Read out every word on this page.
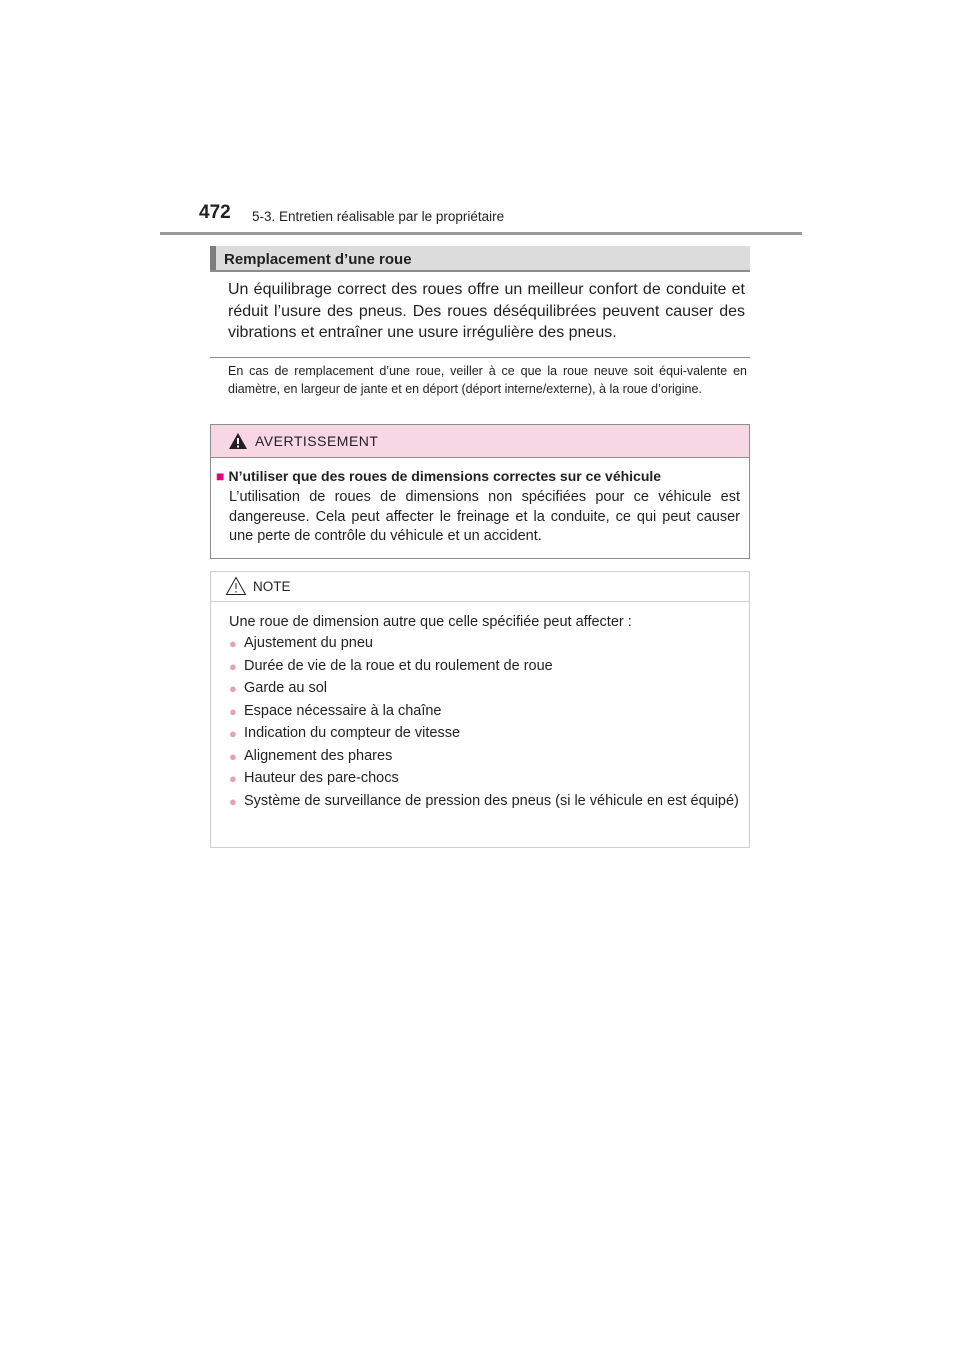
472 5-3. Entretien réalisable par le propriétaire
Remplacement d’une roue
Un équilibrage correct des roues offre un meilleur confort de conduite et réduit l’usure des pneus. Des roues déséquilibrées peuvent causer des vibrations et entraîner une usure irrégulière des pneus.
En cas de remplacement d’une roue, veiller à ce que la roue neuve soit équi-valente en diamètre, en largeur de jante et en déport (déport interne/externe), à la roue d’origine.
AVERTISSEMENT
■ N’utiliser que des roues de dimensions correctes sur ce véhicule
L’utilisation de roues de dimensions non spécifiées pour ce véhicule est dangereuse. Cela peut affecter le freinage et la conduite, ce qui peut causer une perte de contrôle du véhicule et un accident.
NOTE
Une roue de dimension autre que celle spécifiée peut affecter :
● Ajustement du pneu
● Durée de vie de la roue et du roulement de roue
● Garde au sol
● Espace nécessaire à la chaîne
● Indication du compteur de vitesse
● Alignement des phares
● Hauteur des pare-chocs
● Système de surveillance de pression des pneus (si le véhicule en est équipé)
